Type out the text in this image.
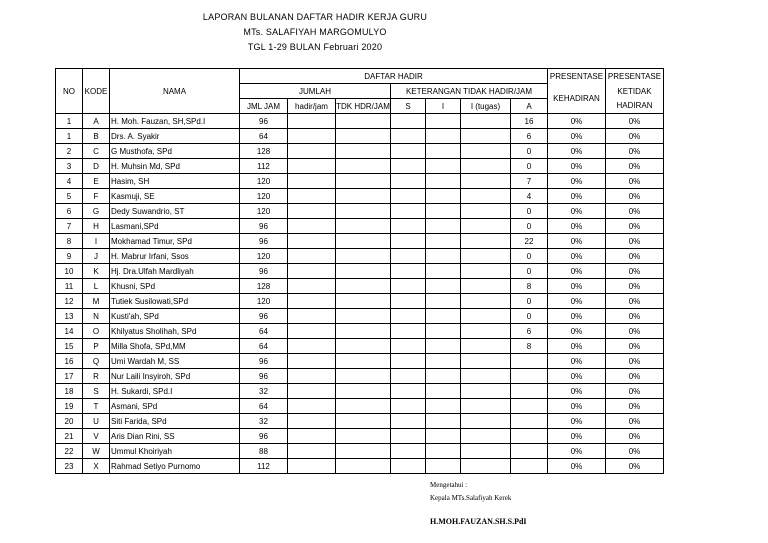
LAPORAN BULANAN DAFTAR HADIR KERJA GURU
MTs. SALAFIYAH MARGOMULYO
TGL 1-29 BULAN Februari 2020
NO	KODE	NAMA	DAFTAR HADIR							PRESENTASE	PRESENTASE
			JUMLAH			KETERANGAN TIDAK HADIR/JAM				KEHADIRAN	KETIDAK
			JML JAM	hadir/jam	TDK HDR/JAM	S	I	I (tugas)	A		HADIRAN
1	A	H. Moh. Fauzan, SH,SPd.I	96						16	0%	0%
1	B	Drs. A. Syakir	64						6	0%	0%
2	C	G Musthofa, SPd	128						0	0%	0%
3	D	H. Muhsin Md, SPd	112						0	0%	0%
4	E	Hasim, SH	120						7	0%	0%
5	F	Kasmuji, SE	120						4	0%	0%
6	G	Dedy Suwandrio, ST	120						0	0%	0%
7	H	Lasmani,SPd	96						0	0%	0%
8	I	Mokhamad Timur, SPd	96						22	0%	0%
9	J	H. Mabrur Irfani, Ssos	120						0	0%	0%
10	K	Hj. Dra.Ulfah Mardliyah	96						0	0%	0%
11	L	Khusni, SPd	128						8	0%	0%
12	M	Tutiek Susilowati,SPd	120						0	0%	0%
13	N	Kusti'ah, SPd	96						0	0%	0%
14	O	Khilyatus Sholihah, SPd	64						6	0%	0%
15	P	Milla Shofa, SPd,MM	64						8	0%	0%
16	Q	Umi Wardah M, SS	96							0%	0%
17	R	Nur Laili Insyiroh, SPd	96							0%	0%
18	S	H. Sukardi, SPd.I	32							0%	0%
19	T	Asmani, SPd	64							0%	0%
20	U	Siti Farida, SPd	32							0%	0%
21	V	Aris Dian Rini, SS	96							0%	0%
22	W	Ummul Khoiriyah	88							0%	0%
23	X	Rahmad Setiyo Purnomo	112							0%	0%
Mengetahui :
Kepala MTs.Salafiyah Kerek
H.MOH.FAUZAN.SH.S.PdI
